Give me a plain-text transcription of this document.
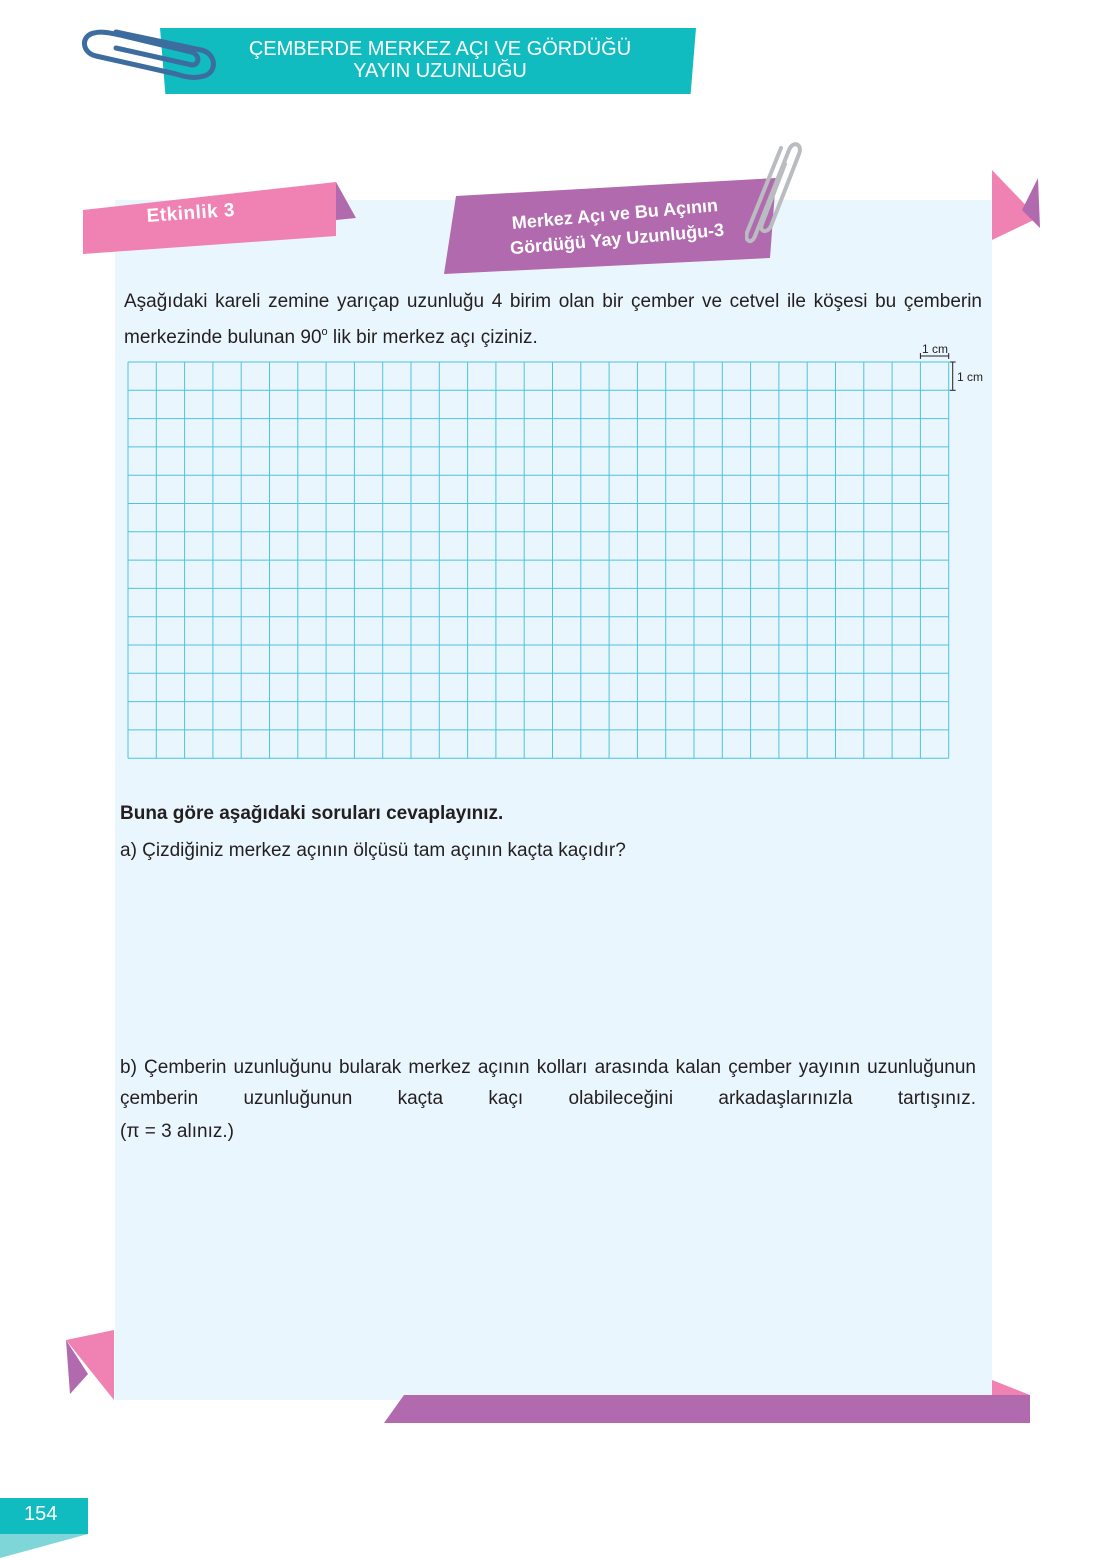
ÇEMBERDE MERKEZ AÇI VE GÖRDÜĞÜ
YAYIN UZUNLUĞU
Etkinlik 3	Merkez Açı ve Bu Açının
Gördüğü Yay Uzunluğu-3
Aşağıdaki kareli zemine yarıçap uzunluğu 4 birim olan bir çember ve cetvel ile köşesi bu çemberin merkezinde bulunan 90$^o$ lik bir merkez açı çiziniz.
1 cm
1 cm
Buna göre aşağıdaki soruları cevaplayınız.
a) Çizdiğiniz merkez açının ölçüsü tam açının kaçta kaçıdır?
b) Çemberin uzunluğunu bularak merkez açının kolları arasında kalan çember yayının uzunluğunun çemberin uzunluğunun kaçta kaçı olabileceğini arkadaşlarınızla tartışınız.
(π = 3 alınız.)
154
